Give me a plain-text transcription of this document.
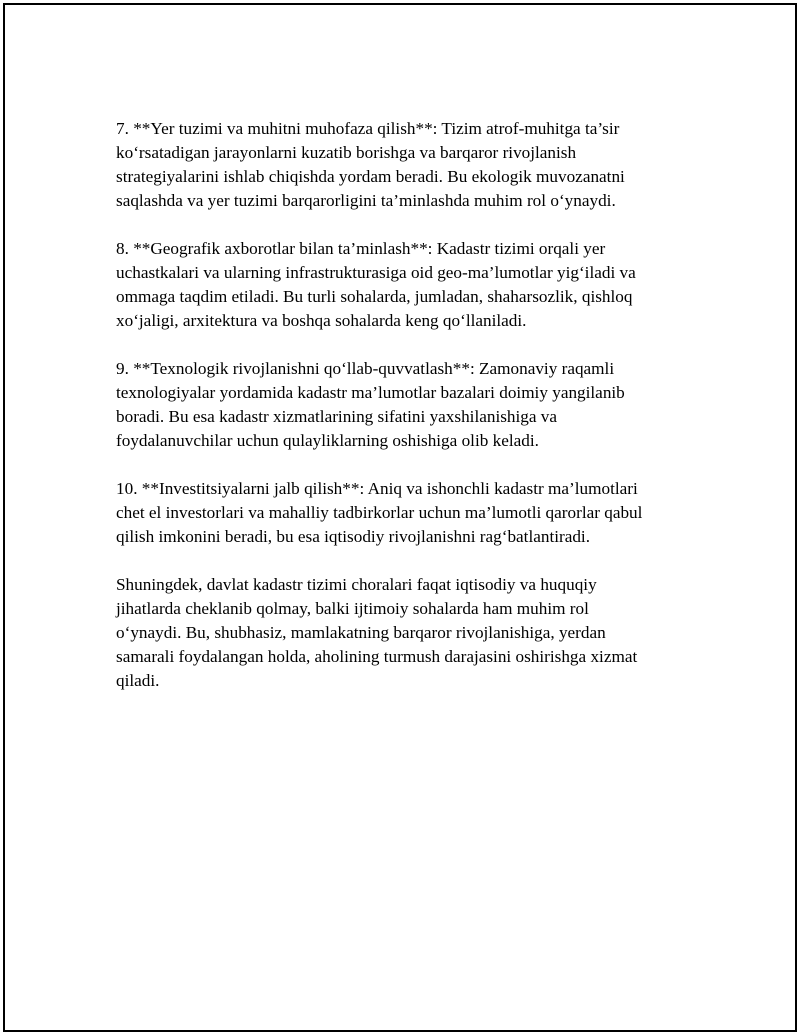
7. **Yer tuzimi va muhitni muhofaza qilish**: Tizim atrof-muhitga ta’sir
ko‘rsatadigan jarayonlarni kuzatib borishga va barqaror rivojlanish
strategiyalarini ishlab chiqishda yordam beradi. Bu ekologik muvozanatni
saqlashda va yer tuzimi barqarorligini ta’minlashda muhim rol o‘ynaydi.
8. **Geografik axborotlar bilan ta’minlash**: Kadastr tizimi orqali yer
uchastkalari va ularning infrastrukturasiga oid geo-ma’lumotlar yig‘iladi va
ommaga taqdim etiladi. Bu turli sohalarda, jumladan, shaharsozlik, qishloq
xo‘jaligi, arxitektura va boshqa sohalarda keng qo‘llaniladi.
9. **Texnologik rivojlanishni qo‘llab-quvvatlash**: Zamonaviy raqamli
texnologiyalar yordamida kadastr ma’lumotlar bazalari doimiy yangilanib
boradi. Bu esa kadastr xizmatlarining sifatini yaxshilanishiga va
foydalanuvchilar uchun qulayliklarning oshishiga olib keladi.
10. **Investitsiyalarni jalb qilish**: Aniq va ishonchli kadastr ma’lumotlari
chet el investorlari va mahalliy tadbirkorlar uchun ma’lumotli qarorlar qabul
qilish imkonini beradi, bu esa iqtisodiy rivojlanishni rag‘batlantiradi.
Shuningdek, davlat kadastr tizimi choralari faqat iqtisodiy va huquqiy
jihatlarda cheklanib qolmay, balki ijtimoiy sohalarda ham muhim rol
o‘ynaydi. Bu, shubhasiz, mamlakatning barqaror rivojlanishiga, yerdan
samarali foydalangan holda, aholining turmush darajasini oshirishga xizmat
qiladi.
